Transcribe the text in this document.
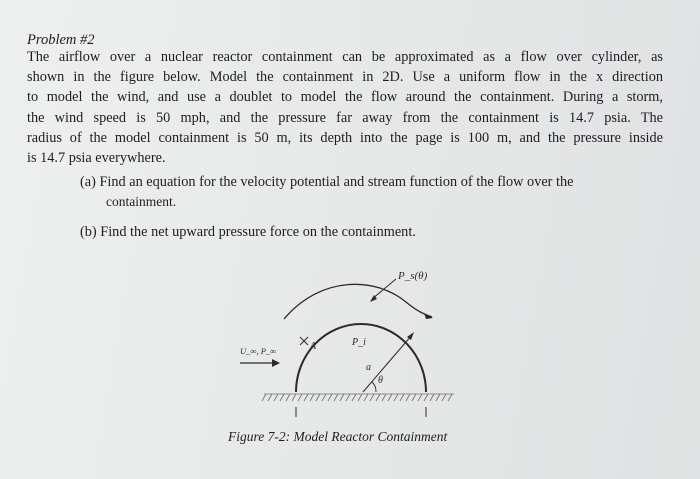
Problem #2
The airflow over a nuclear reactor containment can be approximated as a flow over cylinder, as
shown in the figure below. Model the containment in 2D. Use a uniform flow in the x direction
to model the wind, and use a doublet to model the flow around the containment. During a storm,
the wind speed is 50 mph, and the pressure far away from the containment is 14.7 psia. The
radius of the model containment is 50 m, its depth into the page is 100 m, and the pressure inside
is 14.7 psia everywhere.
(a) Find an equation for the velocity potential and stream function of the flow over the
containment.
(b) Find the net upward pressure force on the containment.
P_s(θ)
U_∞, P_∞	A	P_i
a
θ
Figure 7-2: Model Reactor Containment
